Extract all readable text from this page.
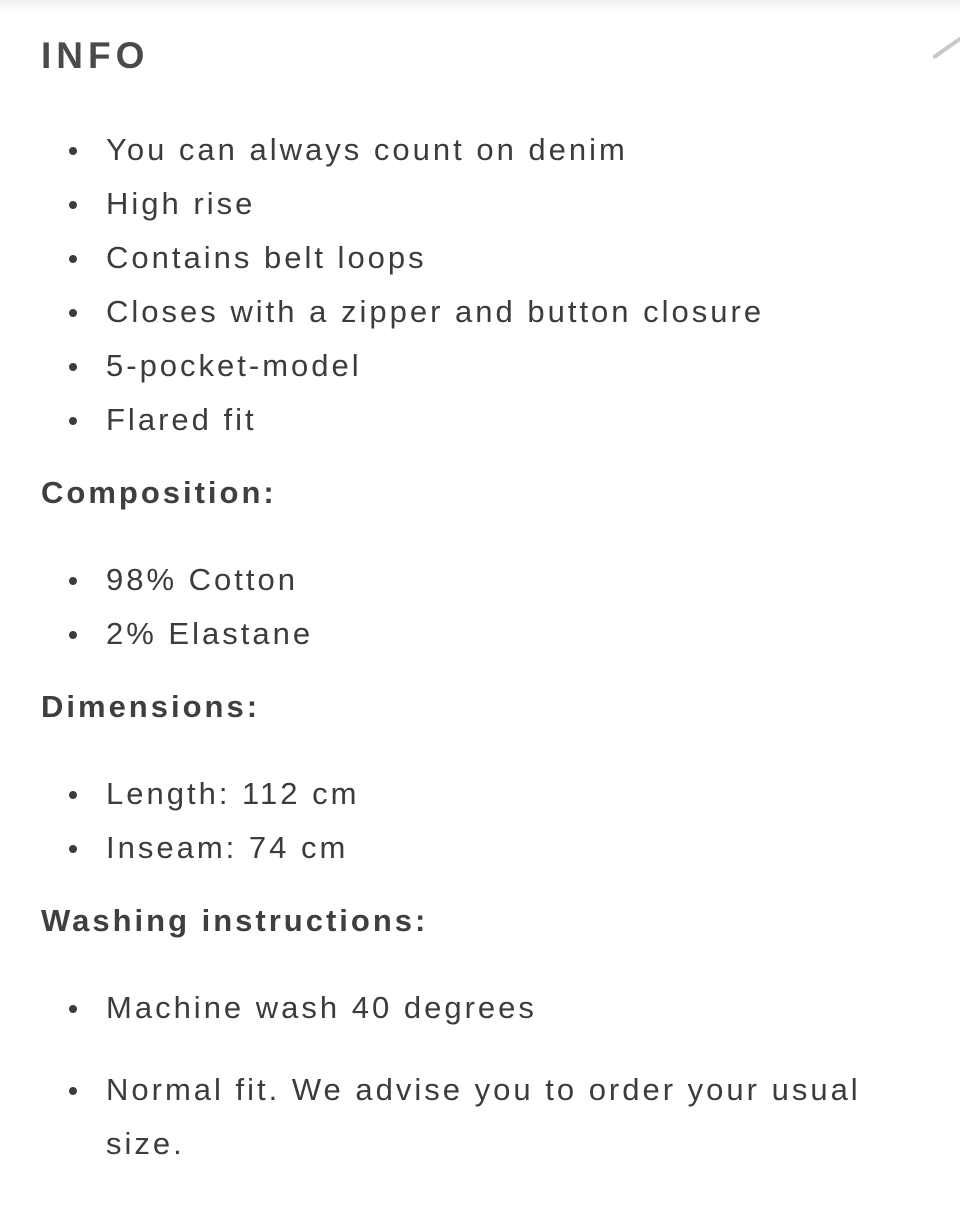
INFO
You can always count on denim
High rise
Contains belt loops
Closes with a zipper and button closure
5-pocket-model
Flared fit
Composition:
98% Cotton
2% Elastane
Dimensions:
Length: 112 cm
Inseam: 74 cm
Washing instructions:
Machine wash 40 degrees
Normal fit. We advise you to order your usual size.
